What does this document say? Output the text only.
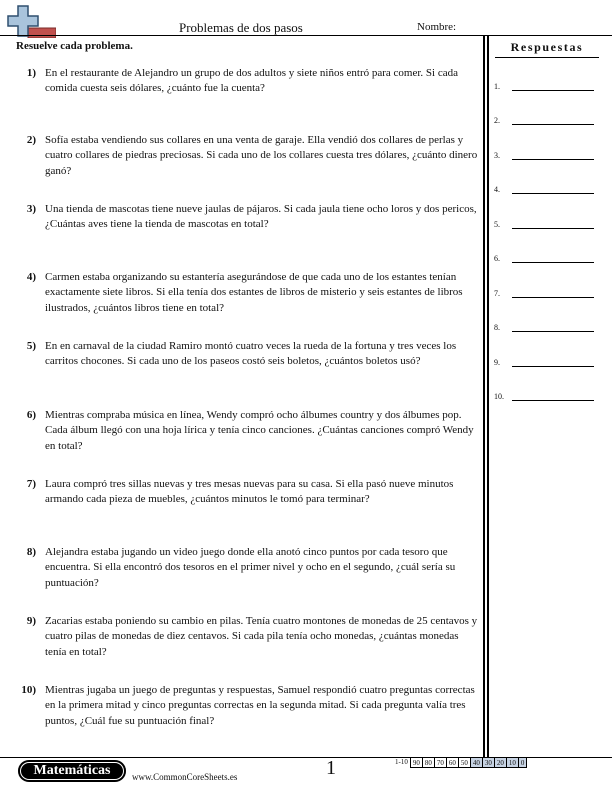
Problemas de dos pasos	Nombre:
Resuelve cada problema.
1) En el restaurante de Alejandro un grupo de dos adultos y siete niños entró para comer. Si cada comida cuesta seis dólares, ¿cuánto fue la cuenta?
2) Sofía estaba vendiendo sus collares en una venta de garaje. Ella vendió dos collares de perlas y cuatro collares de piedras preciosas. Si cada uno de los collares cuesta tres dólares, ¿cuánto dinero ganó?
3) Una tienda de mascotas tiene nueve jaulas de pájaros. Si cada jaula tiene ocho loros y dos pericos, ¿Cuántas aves tiene la tienda de mascotas en total?
4) Carmen estaba organizando su estantería asegurándose de que cada uno de los estantes tenían exactamente siete libros. Si ella tenía dos estantes de libros de misterio y seis estantes de libros ilustrados, ¿cuántos libros tiene en total?
5) En en carnaval de la ciudad Ramiro montó cuatro veces la rueda de la fortuna y tres veces los carritos chocones. Si cada uno de los paseos costó seis boletos, ¿cuántos boletos usó?
6) Mientras compraba música en línea, Wendy compró ocho álbumes country y dos álbumes pop. Cada álbum llegó con una hoja lírica y tenía cinco canciones. ¿Cuántas canciones compró Wendy en total?
7) Laura compró tres sillas nuevas y tres mesas nuevas para su casa. Si ella pasó nueve minutos armando cada pieza de muebles, ¿cuántos minutos le tomó para terminar?
8) Alejandra estaba jugando un video juego donde ella anotó cinco puntos por cada tesoro que encuentra. Si ella encontró dos tesoros en el primer nivel y ocho en el segundo, ¿cuál sería su puntuación?
9) Zacarias estaba poniendo su cambio en pilas. Tenía cuatro montones de monedas de 25 centavos y cuatro pilas de monedas de diez centavos. Si cada pila tenía ocho monedas, ¿cuántas monedas tenía en total?
10) Mientras jugaba un juego de preguntas y respuestas, Samuel respondió cuatro preguntas correctas en la primera mitad y cinco preguntas correctas en la segunda mitad. Si cada pregunta valía tres puntos, ¿Cuál fue su puntuación final?
Respuestas
1.
2.
3.
4.
5.
6.
7.
8.
9.
10.
Matemáticas	www.CommonCoreSheets.es	1	1-10 90 80 70 60 50 40 30 20 10 0
